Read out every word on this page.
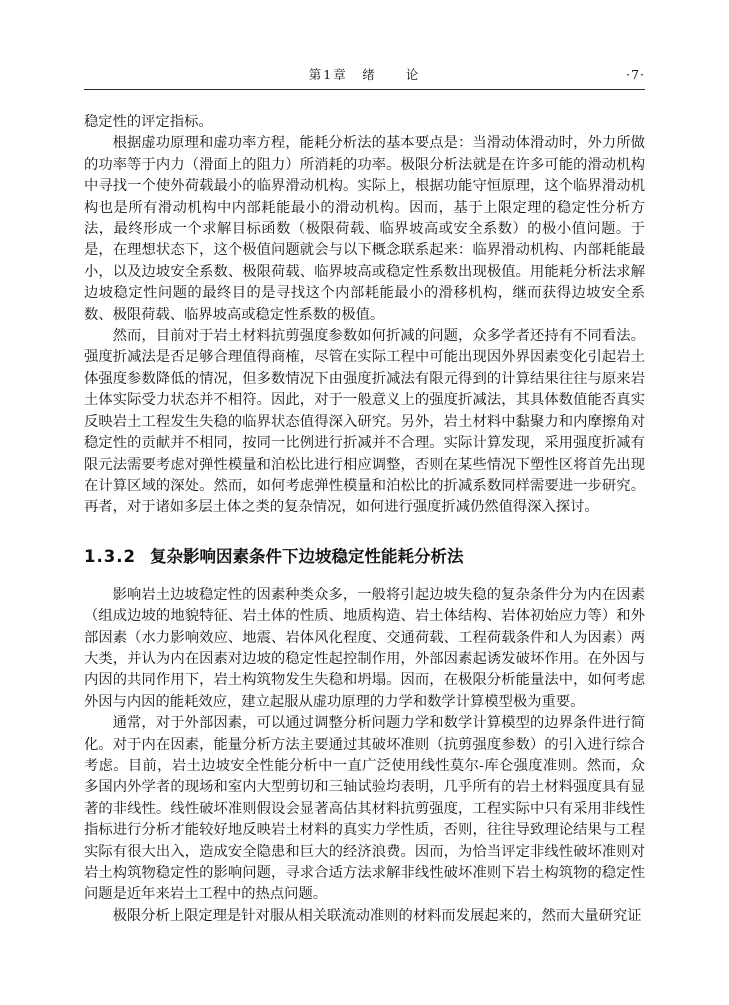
第1章　绪　　论	·7·

稳定性的评定指标。

根据虚功原理和虚功率方程，能耗分析法的基本要点是：当滑动体滑动时，外力所做的功率等于内力（滑面上的阻力）所消耗的功率。极限分析法就是在许多可能的滑动机构中寻找一个使外荷载最小的临界滑动机构。实际上，根据功能守恒原理，这个临界滑动机构也是所有滑动机构中内部耗能最小的滑动机构。因而，基于上限定理的稳定性分析方法，最终形成一个求解目标函数（极限荷载、临界坡高或安全系数）的极小值问题。于是，在理想状态下，这个极值问题就会与以下概念联系起来：临界滑动机构、内部耗能最小，以及边坡安全系数、极限荷载、临界坡高或稳定性系数出现极值。用能耗分析法求解边坡稳定性问题的最终目的是寻找这个内部耗能最小的滑移机构，继而获得边坡安全系数、极限荷载、临界坡高或稳定性系数的极值。

然而，目前对于岩土材料抗剪强度参数如何折减的问题，众多学者还持有不同看法。强度折减法是否足够合理值得商榷，尽管在实际工程中可能出现因外界因素变化引起岩土体强度参数降低的情况，但多数情况下由强度折减法有限元得到的计算结果往往与原来岩土体实际受力状态并不相符。因此，对于一般意义上的强度折减法，其具体数值能否真实反映岩土工程发生失稳的临界状态值得深入研究。另外，岩土材料中黏聚力和内摩擦角对稳定性的贡献并不相同，按同一比例进行折减并不合理。实际计算发现，采用强度折减有限元法需要考虑对弹性模量和泊松比进行相应调整，否则在某些情况下塑性区将首先出现在计算区域的深处。然而，如何考虑弹性模量和泊松比的折减系数同样需要进一步研究。再者，对于诸如多层土体之类的复杂情况，如何进行强度折减仍然值得深入探讨。

1.3.2 复杂影响因素条件下边坡稳定性能耗分析法

影响岩土边坡稳定性的因素种类众多，一般将引起边坡失稳的复杂条件分为内在因素（组成边坡的地貌特征、岩土体的性质、地质构造、岩土体结构、岩体初始应力等）和外部因素（水力影响效应、地震、岩体风化程度、交通荷载、工程荷载条件和人为因素）两大类，并认为内在因素对边坡的稳定性起控制作用，外部因素起诱发破坏作用。在外因与内因的共同作用下，岩土构筑物发生失稳和坍塌。因而，在极限分析能量法中，如何考虑外因与内因的能耗效应，建立起服从虚功原理的力学和数学计算模型极为重要。

通常，对于外部因素，可以通过调整分析问题力学和数学计算模型的边界条件进行简化。对于内在因素，能量分析方法主要通过其破坏准则（抗剪强度参数）的引入进行综合考虑。目前，岩土边坡安全性能分析中一直广泛使用线性莫尔-库仑强度准则。然而，众多国内外学者的现场和室内大型剪切和三轴试验均表明，几乎所有的岩土材料强度具有显著的非线性。线性破坏准则假设会显著高估其材料抗剪强度，工程实际中只有采用非线性指标进行分析才能较好地反映岩土材料的真实力学性质，否则，往往导致理论结果与工程实际有很大出入，造成安全隐患和巨大的经济浪费。因而，为恰当评定非线性破坏准则对岩土构筑物稳定性的影响问题，寻求合适方法求解非线性破坏准则下岩土构筑物的稳定性问题是近年来岩土工程中的热点问题。

极限分析上限定理是针对服从相关联流动准则的材料而发展起来的，然而大量研究证
